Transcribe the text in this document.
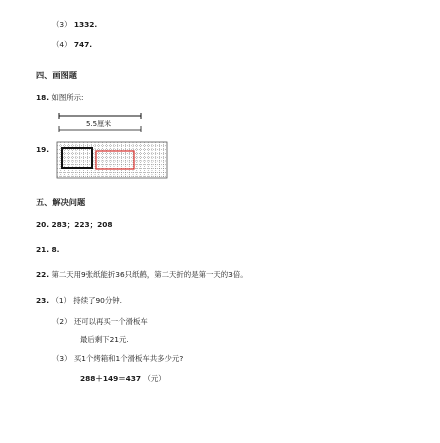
（3） 1332.
（4） 747.
四、画图题
18. 如图所示:
5.5厘米
19.
五、解决问题
20. 283；223；208
21. 8.
22. 第二天用9张纸能折36只纸鹤，第二天折的是第一天的3倍。
23. （1） 持续了90分钟.
（2） 还可以再买一个滑板车
最后剩下21元.
（3） 买1个烤箱和1个滑板车共多少元?
288＋149＝437 （元）
